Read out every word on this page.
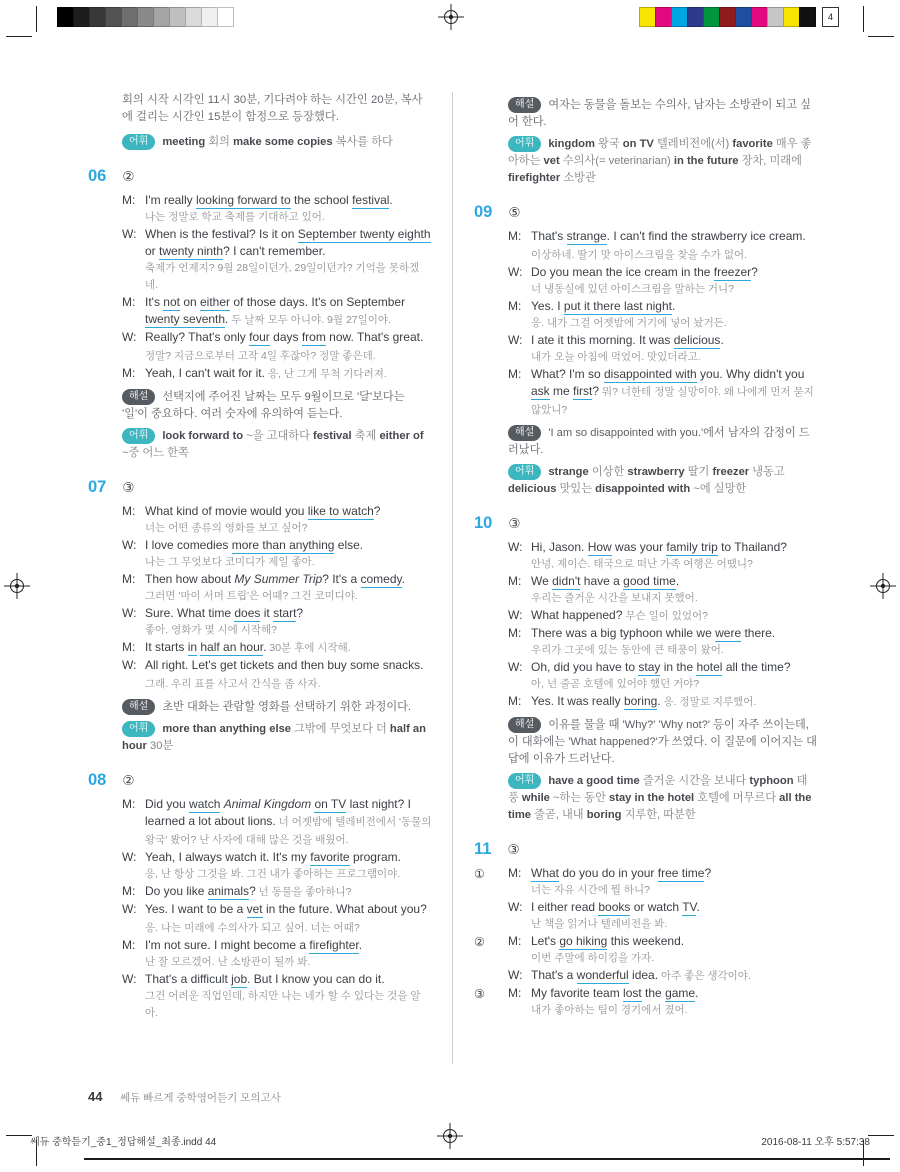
4
회의 시작 시각인 11시 30분, 기다려야 하는 시간인 20분, 복사에 걸리는 시간인 15분이 함정으로 등장했다.
어휘 meeting 회의 make some copies 복사를 하다
06 ②
M: I'm really looking forward to the school festival.
나는 정말로 학교 축제를 기대하고 있어.
W: When is the festival? Is it on September twenty eighth or twenty ninth? I can't remember.
축제가 언제지? 9월 28일이던가, 29일이던가? 기억을 못하겠네.
M: It's not on either of those days. It's on September twenty seventh. 두 날짜 모두 아니야. 9월 27일이야.
W: Really? That's only four days from now. That's great. 정말? 지금으로부터 고작 4일 후잖아? 정말 좋은데.
M: Yeah, I can't wait for it. 응, 난 그게 무척 기다려져.
해설 선택지에 주어진 날짜는 모두 9월이므로 '달'보다는 '일'이 중요하다. 여러 숫자에 유의하여 듣는다.
어휘 look forward to ~을 고대하다 festival 축제 either of ~중 어느 한쪽
07 ③
M: What kind of movie would you like to watch?
너는 어떤 종류의 영화를 보고 싶어?
W: I love comedies more than anything else.
나는 그 무엇보다 코미디가 제일 좋아.
M: Then how about My Summer Trip? It's a comedy.
그러면 '마이 서머 트립'은 어때? 그건 코미디야.
W: Sure. What time does it start?
좋아. 영화가 몇 시에 시작해?
M: It starts in half an hour. 30분 후에 시작해.
W: All right. Let's get tickets and then buy some snacks. 그래. 우리 표를 사고서 간식을 좀 사자.
해설 초반 대화는 관람할 영화를 선택하기 위한 과정이다.
어휘 more than anything else 그밖에 무엇보다 더 half an hour 30분
08 ②
M: Did you watch Animal Kingdom on TV last night? I learned a lot about lions. 너 어젯밤에 텔레비전에서 '동물의 왕국' 봤어? 난 사자에 대해 많은 것을 배웠어.
W: Yeah, I always watch it. It's my favorite program.
응, 난 항상 그것을 봐. 그건 내가 좋아하는 프로그램이야.
M: Do you like animals? 넌 동물을 좋아하니?
W: Yes. I want to be a vet in the future. What about you? 응. 나는 미래에 수의사가 되고 싶어. 너는 어때?
M: I'm not sure. I might become a firefighter.
난 잘 모르겠어. 난 소방관이 될까 봐.
W: That's a difficult job. But I know you can do it.
그건 어려운 직업인데, 하지만 나는 네가 할 수 있다는 것을 알아.
해설 여자는 동물을 돌보는 수의사, 남자는 소방관이 되고 싶어 한다.
어휘 kingdom 왕국 on TV 텔레비전에(서) favorite 매우 좋아하는 vet 수의사(= veterinarian) in the future 장차, 미래에 firefighter 소방관
09 ⑤
M: That's strange. I can't find the strawberry ice cream. 이상하네. 딸기 맛 아이스크림을 찾을 수가 없어.
W: Do you mean the ice cream in the freezer?
너 냉동실에 있던 아이스크림을 말하는 거니?
M: Yes. I put it there last night.
응. 내가 그걸 어젯밤에 거기에 넣어 놨거든.
W: I ate it this morning. It was delicious.
내가 오늘 아침에 먹었어. 맛있더라고.
M: What? I'm so disappointed with you. Why didn't you ask me first? 뭐? 너한테 정말 실망이야. 왜 나에게 먼저 묻지 않았니?
해설 'I am so disappointed with you.'에서 남자의 감정이 드러났다.
어휘 strange 이상한 strawberry 딸기 freezer 냉동고 delicious 맛있는 disappointed with ~에 실망한
10 ③
W: Hi, Jason. How was your family trip to Thailand?
안녕, 제이슨. 태국으로 떠난 가족 여행은 어땠니?
M: We didn't have a good time.
우리는 즐거운 시간을 보내지 못했어.
W: What happened? 무슨 일이 있었어?
M: There was a big typhoon while we were there.
우리가 그곳에 있는 동안에 큰 태풍이 왔어.
W: Oh, did you have to stay in the hotel all the time?
아, 넌 줄곧 호텔에 있어야 했던 거야?
M: Yes. It was really boring. 응. 정말로 지루했어.
해설 이유를 물을 때 'Why?' 'Why not?' 등이 자주 쓰이는데, 이 대화에는 'What happened?'가 쓰였다. 이 질문에 이어지는 대답에 이유가 드러난다.
어휘 have a good time 즐거운 시간을 보내다 typhoon 태풍 while ~하는 동안 stay in the hotel 호텔에 머무르다 all the time 줄곧, 내내 boring 지루한, 따분한
11 ③
① M: What do you do in your free time?
너는 자유 시간에 뭘 하니?
W: I either read books or watch TV.
난 책을 읽거나 텔레비전을 봐.
② M: Let's go hiking this weekend.
이번 주말에 하이킹을 가자.
W: That's a wonderful idea. 아주 좋은 생각이야.
③ M: My favorite team lost the game.
내가 좋아하는 팀이 경기에서 졌어.
44 쎄듀 빠르게 중학영어듣기 모의고사
쎄듀 중학듣기_중1_정답해설_최종.indd 44	2016-08-11 오후 5:57:38
